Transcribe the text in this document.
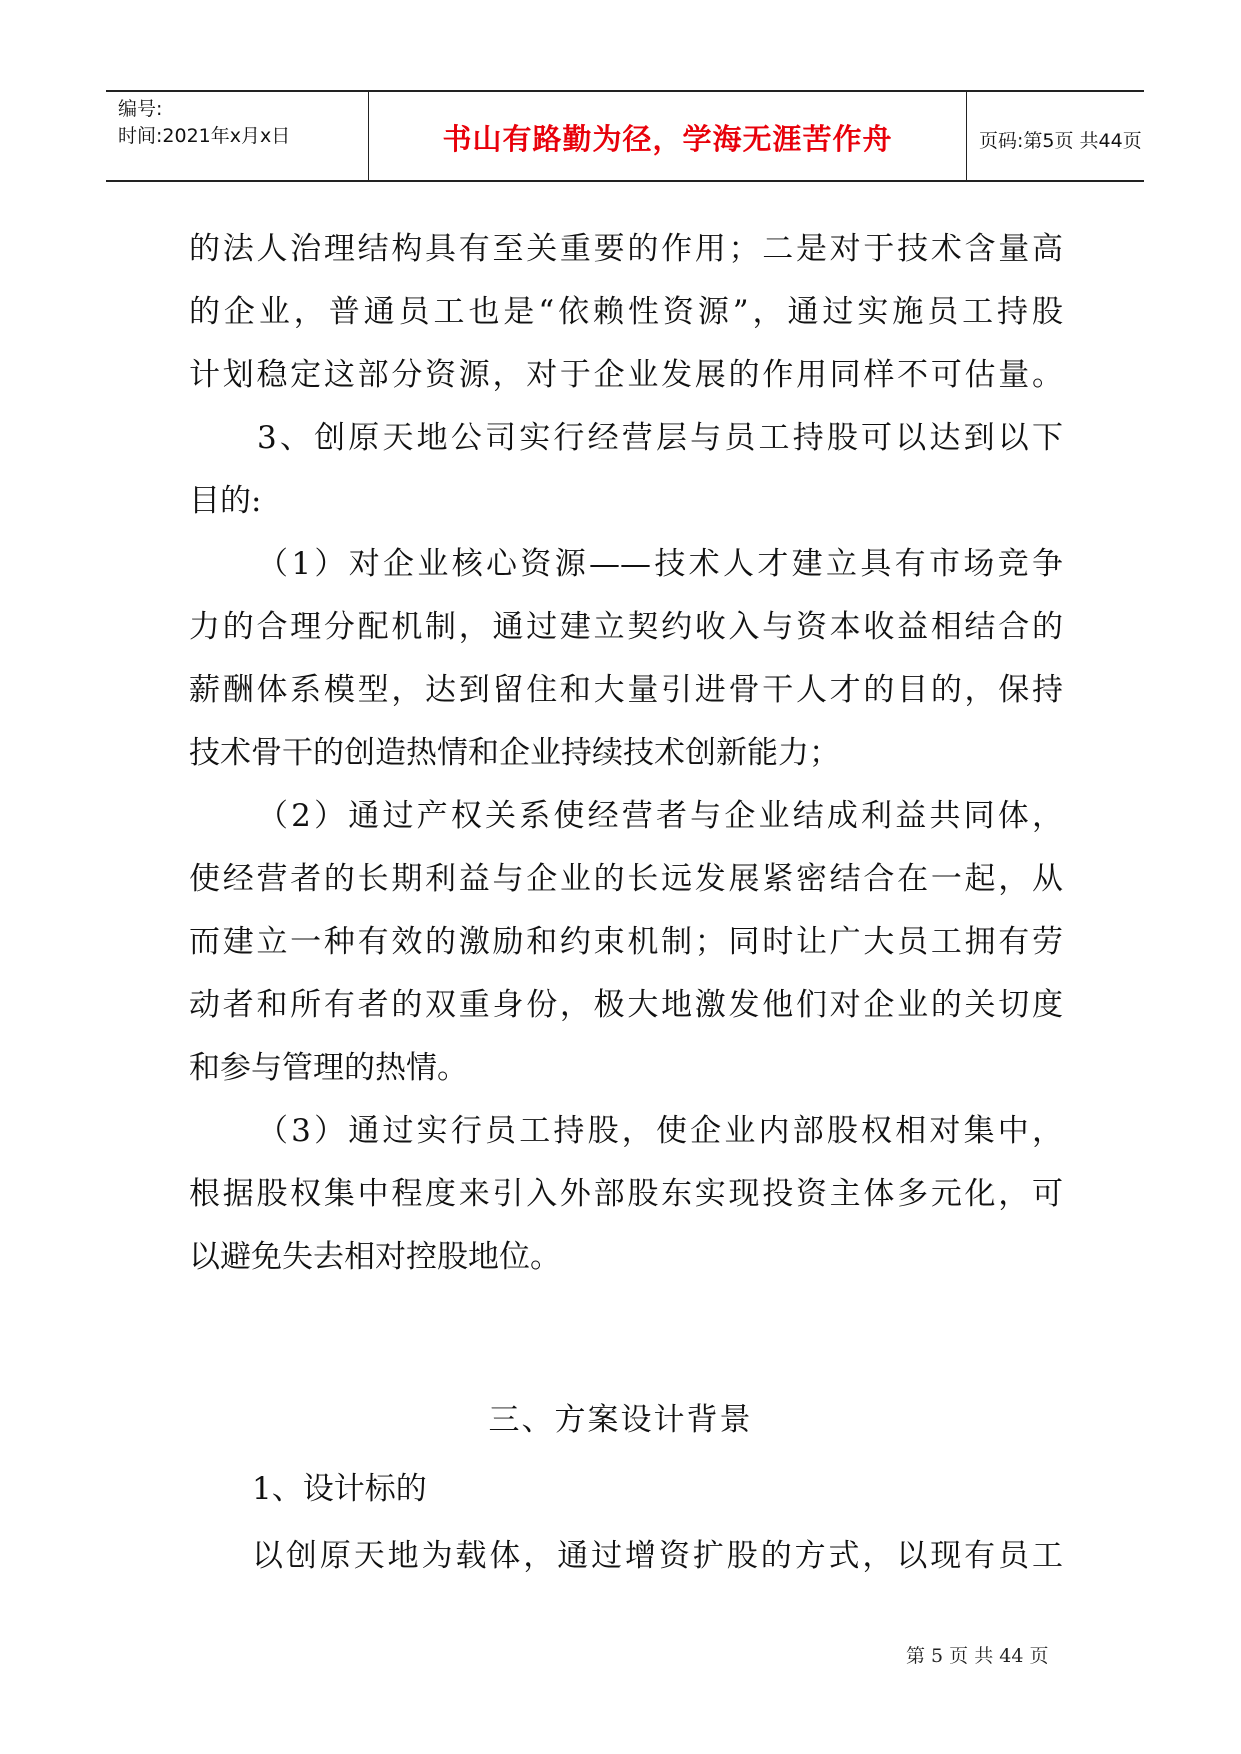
编号:
时间:2021年x月x日	书山有路勤为径，学海无涯苦作舟	页码:第5页 共44页
的法人治理结构具有至关重要的作用；二是对于技术含量高
的企业，普通员工也是“依赖性资源”，通过实施员工持股
计划稳定这部分资源，对于企业发展的作用同样不可估量。
3、创原天地公司实行经营层与员工持股可以达到以下
目的:
（1）对企业核心资源——技术人才建立具有市场竞争
力的合理分配机制，通过建立契约收入与资本收益相结合的
薪酬体系模型，达到留住和大量引进骨干人才的目的，保持
技术骨干的创造热情和企业持续技术创新能力；
（2）通过产权关系使经营者与企业结成利益共同体，
使经营者的长期利益与企业的长远发展紧密结合在一起，从
而建立一种有效的激励和约束机制；同时让广大员工拥有劳
动者和所有者的双重身份，极大地激发他们对企业的关切度
和参与管理的热情。
（3）通过实行员工持股，使企业内部股权相对集中，
根据股权集中程度来引入外部股东实现投资主体多元化，可
以避免失去相对控股地位。
三、方案设计背景
1、设计标的
以创原天地为载体，通过增资扩股的方式，以现有员工
第 5 页 共 44 页
